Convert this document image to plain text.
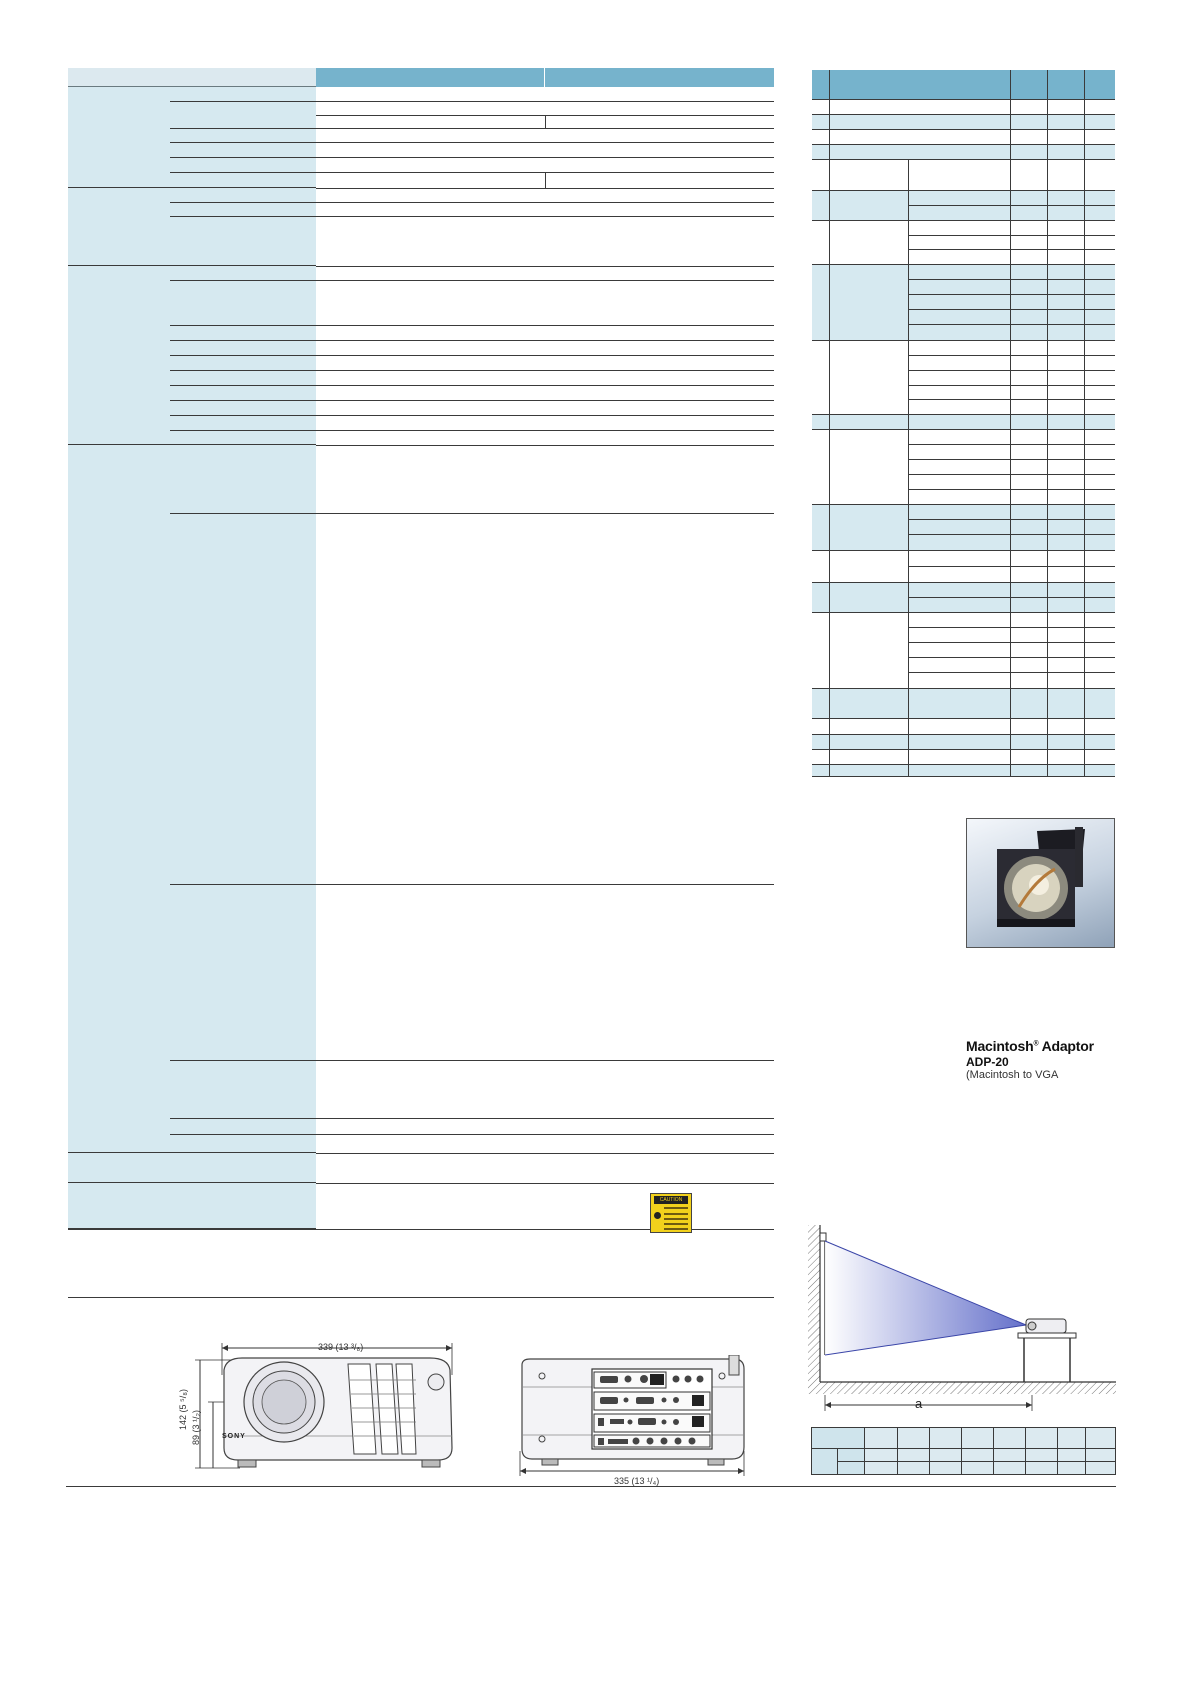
CAUTION
339 (13 ³/₈)
142 (5 ⁵/₈) 89 (3 ¹/₂)	SONY
335 (13 ¹/₄)
Macintosh® Adaptor
ADP-20
(Macintosh to VGA
a
